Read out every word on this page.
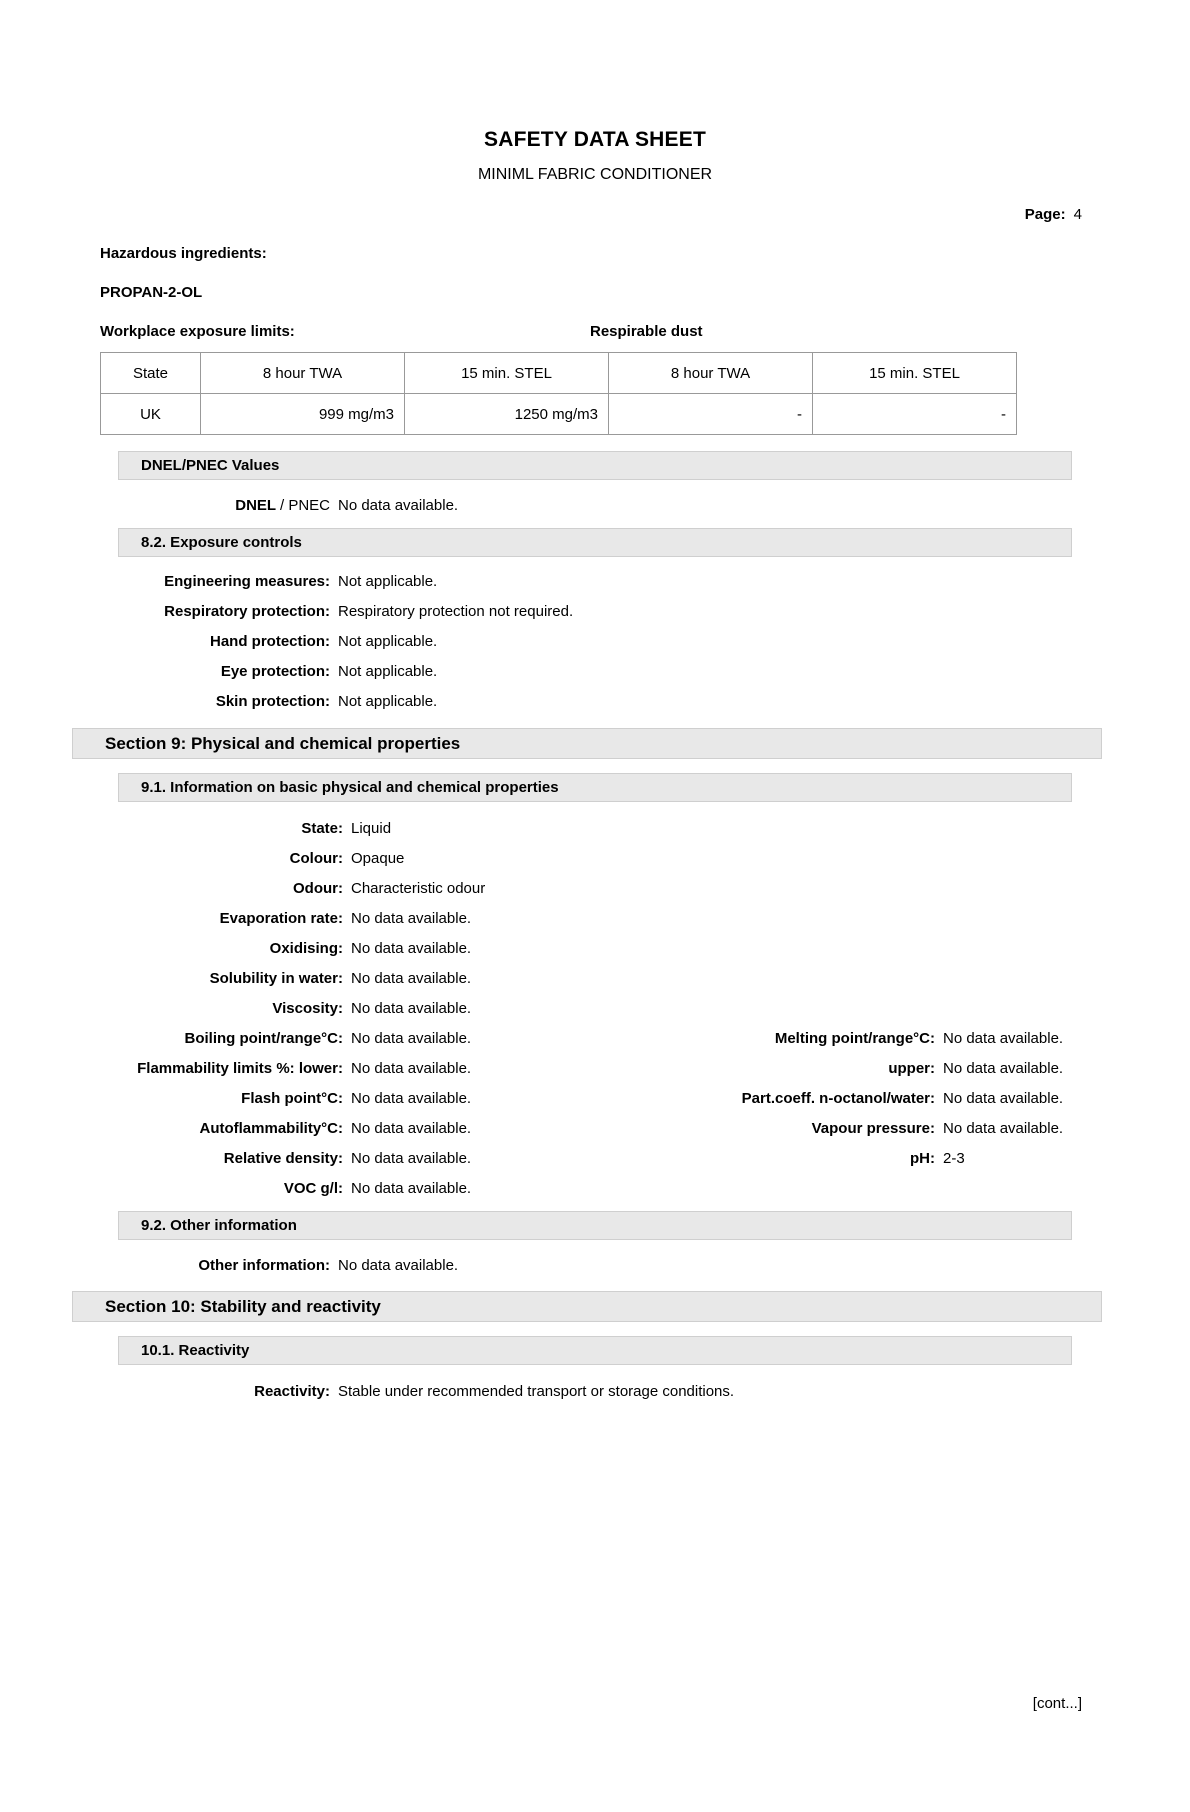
SAFETY DATA SHEET
MINIML FABRIC CONDITIONER
Page: 4
Hazardous ingredients:
PROPAN-2-OL
Workplace exposure limits:	Respirable dust
State	8 hour TWA	15 min. STEL	8 hour TWA	15 min. STEL
UK	999 mg/m3	1250 mg/m3	-	-
DNEL/PNEC Values
DNEL / PNEC No data available.
8.2. Exposure controls
Engineering measures: Not applicable.
Respiratory protection: Respiratory protection not required.
Hand protection: Not applicable.
Eye protection: Not applicable.
Skin protection: Not applicable.
Section 9: Physical and chemical properties
9.1. Information on basic physical and chemical properties
State: Liquid
Colour: Opaque
Odour: Characteristic odour
Evaporation rate: No data available.
Oxidising: No data available.
Solubility in water: No data available.
Viscosity: No data available.
Boiling point/range°C: No data available.	Melting point/range°C: No data available.
Flammability limits %: lower: No data available.	upper: No data available.
Flash point°C: No data available.	Part.coeff. n-octanol/water: No data available.
Autoflammability°C: No data available.	Vapour pressure: No data available.
Relative density: No data available.	pH: 2-3
VOC g/l: No data available.
9.2. Other information
Other information: No data available.
Section 10: Stability and reactivity
10.1. Reactivity
Reactivity: Stable under recommended transport or storage conditions.
[cont...]
